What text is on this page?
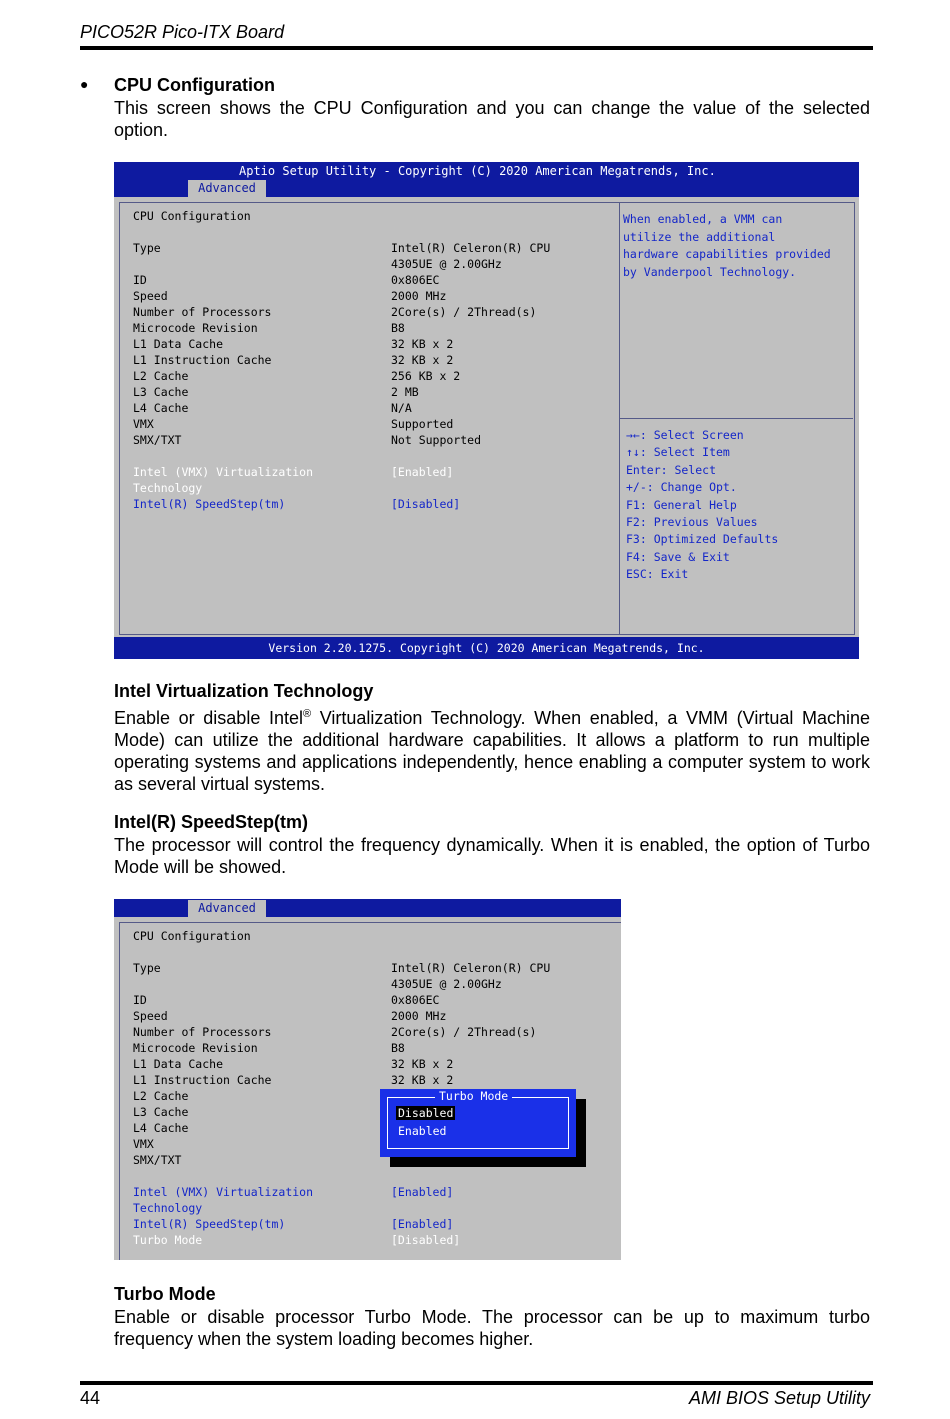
PICO52R Pico-ITX Board
● CPU Configuration
This screen shows the CPU Configuration and you can change the value of the selected option.
Aptio Setup Utility - Copyright (C) 2020 American Megatrends, Inc.
Advanced
CPU Configuration
Type	Intel(R) Celeron(R) CPU
4305UE @ 2.00GHz
ID	0x806EC
Speed	2000 MHz
Number of Processors	2Core(s) / 2Thread(s)
Microcode Revision	B8
L1 Data Cache	32 KB x 2
L1 Instruction Cache	32 KB x 2
L2 Cache	256 KB x 2
L3 Cache	2 MB
L4 Cache	N/A
VMX	Supported
SMX/TXT	Not Supported
Intel (VMX) Virtualization	[Enabled]
Technology
Intel(R) SpeedStep(tm)	[Disabled]
When enabled, a VMM can
utilize the additional
hardware capabilities provided
by Vanderpool Technology.
→←: Select Screen
↑↓: Select Item
Enter: Select
+/-: Change Opt.
F1: General Help
F2: Previous Values
F3: Optimized Defaults
F4: Save & Exit
ESC: Exit
Version 2.20.1275. Copyright (C) 2020 American Megatrends, Inc.
Intel Virtualization Technology
Enable or disable Intel® Virtualization Technology. When enabled, a VMM (Virtual Machine Mode) can utilize the additional hardware capabilities. It allows a platform to run multiple operating systems and applications independently, hence enabling a computer system to work as several virtual systems.
Intel(R) SpeedStep(tm)
The processor will control the frequency dynamically. When it is enabled, the option of Turbo Mode will be showed.
Advanced
CPU Configuration
Type	Intel(R) Celeron(R) CPU
4305UE @ 2.00GHz
ID	0x806EC
Speed	2000 MHz
Number of Processors	2Core(s) / 2Thread(s)
Microcode Revision	B8
L1 Data Cache	32 KB x 2
L1 Instruction Cache	32 KB x 2
L2 Cache
L3 Cache
L4 Cache
VMX
SMX/TXT
Intel (VMX) Virtualization	[Enabled]
Technology
Intel(R) SpeedStep(tm)	[Enabled]
Turbo Mode	[Disabled]
Turbo Mode
Disabled
Enabled
Turbo Mode
Enable or disable processor Turbo Mode. The processor can be up to maximum turbo frequency when the system loading becomes higher.
44	AMI BIOS Setup Utility
